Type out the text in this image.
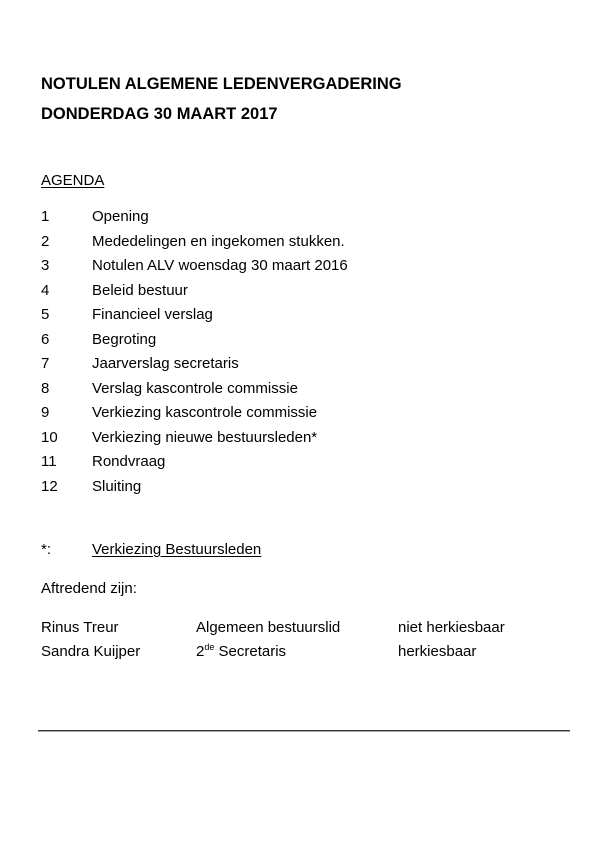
NOTULEN ALGEMENE LEDENVERGADERING
DONDERDAG 30 MAART 2017
AGENDA
1	Opening
2	Mededelingen en ingekomen stukken.
3	Notulen ALV woensdag 30 maart 2016
4	Beleid bestuur
5	Financieel verslag
6	Begroting
7	Jaarverslag secretaris
8	Verslag kascontrole commissie
9	Verkiezing kascontrole commissie
10 Verkiezing nieuwe bestuursleden*
11 Rondvraag
12 Sluiting
*:	Verkiezing Bestuursleden
Aftredend zijn:
Rinus Treur	Algemeen bestuurslid	niet herkiesbaar
Sandra Kuijper	2de Secretaris	herkiesbaar
